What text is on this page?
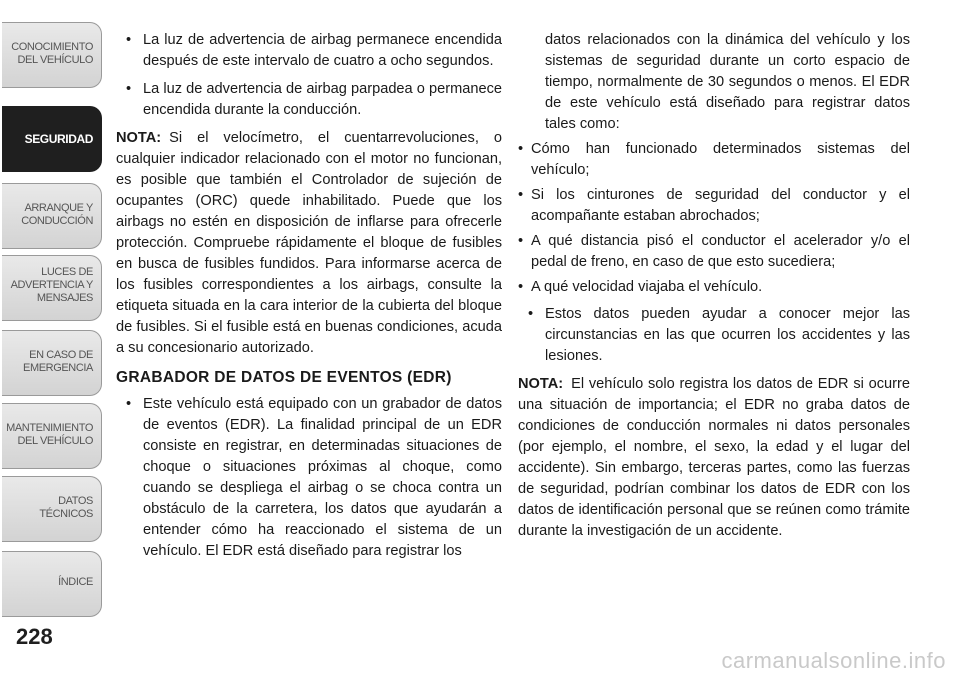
CONOCIMIENTO
DEL VEHÍCULO
SEGURIDAD
ARRANQUE Y
CONDUCCIÓN
LUCES DE
ADVERTENCIA Y
MENSAJES
EN CASO DE
EMERGENCIA
MANTENIMIENTO
DEL VEHÍCULO
DATOS
TÉCNICOS
ÍNDICE
228

• La luz de advertencia de airbag permanece encendida después de este intervalo de cuatro a ocho segundos.

• La luz de advertencia de airbag parpadea o permanece encendida durante la conducción.

NOTA: Si el velocímetro, el cuentarrevoluciones, o cualquier indicador relacionado con el motor no funcionan, es posible que también el Controlador de sujeción de ocupantes (ORC) quede inhabilitado. Puede que los airbags no estén en disposición de inflarse para ofrecerle protección. Compruebe rápidamente el bloque de fusibles en busca de fusibles fundidos. Para informarse acerca de los fusibles correspondientes a los airbags, consulte la etiqueta situada en la cara interior de la cubierta del bloque de fusibles. Si el fusible está en buenas condiciones, acuda a su concesionario autorizado.

GRABADOR DE DATOS DE EVENTOS (EDR)

• Este vehículo está equipado con un grabador de datos de eventos (EDR). La finalidad principal de un EDR consiste en registrar, en determinadas situaciones de choque o situaciones próximas al choque, como cuando se despliega el airbag o se choca contra un obstáculo de la carretera, los datos que ayudarán a entender cómo ha reaccionado el sistema de un vehículo. El EDR está diseñado para registrar los

datos relacionados con la dinámica del vehículo y los sistemas de seguridad durante un corto espacio de tiempo, normalmente de 30 segundos o menos. El EDR de este vehículo está diseñado para registrar datos tales como:

• Cómo han funcionado determinados sistemas del vehículo;

• Si los cinturones de seguridad del conductor y el acompañante estaban abrochados;

• A qué distancia pisó el conductor el acelerador y/o el pedal de freno, en caso de que esto sucediera;

• A qué velocidad viajaba el vehículo.

• Estos datos pueden ayudar a conocer mejor las circunstancias en las que ocurren los accidentes y las lesiones.

NOTA: El vehículo solo registra los datos de EDR si ocurre una situación de importancia; el EDR no graba datos de condiciones de conducción normales ni datos personales (por ejemplo, el nombre, el sexo, la edad y el lugar del accidente). Sin embargo, terceras partes, como las fuerzas de seguridad, podrían combinar los datos de EDR con los datos de identificación personal que se reúnen como trámite durante la investigación de un accidente.

carmanualsonline.info
